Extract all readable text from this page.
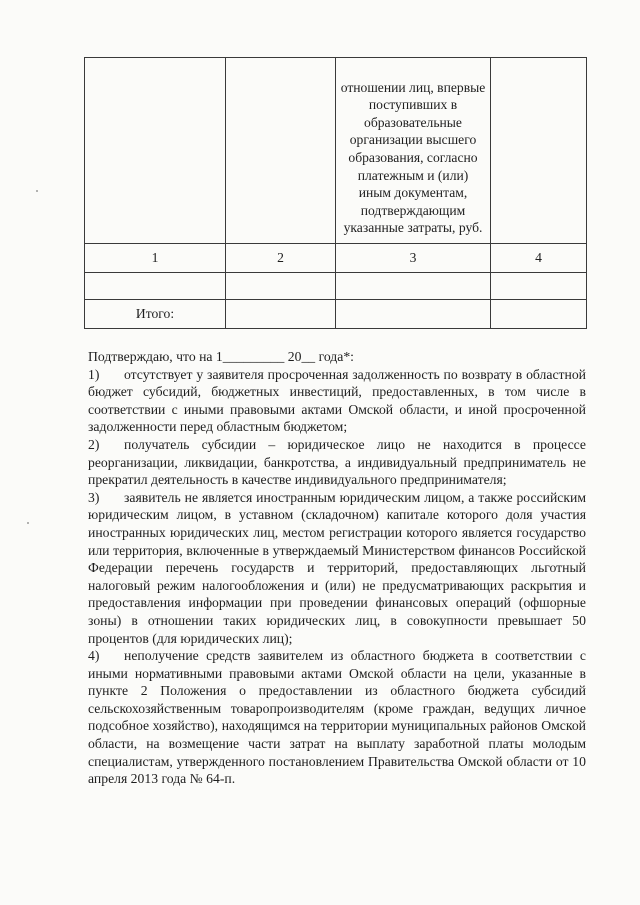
		отношении лиц, впервые поступивших в образовательные организации высшего образования, согласно платежным и (или) иным документам, подтверждающим указанные затраты, руб.	

1	2	3	4

Итого:			

Подтверждаю, что на 1_________ 20__ года*:

1) отсутствует у заявителя просроченная задолженность по возврату в областной бюджет субсидий, бюджетных инвестиций, предоставленных, в том числе в соответствии с иными правовыми актами Омской области, и иной просроченной задолженности перед областным бюджетом;

2) получатель субсидии – юридическое лицо не находится в процессе реорганизации, ликвидации, банкротства, а индивидуальный предприниматель не прекратил деятельность в качестве индивидуального предпринимателя;

3) заявитель не является иностранным юридическим лицом, а также российским юридическим лицом, в уставном (складочном) капитале которого доля участия иностранных юридических лиц, местом регистрации которого является государство или территория, включенные в утверждаемый Министерством финансов Российской Федерации перечень государств и территорий, предоставляющих льготный налоговый режим налогообложения и (или) не предусматривающих раскрытия и предоставления информации при проведении финансовых операций (офшорные зоны) в отношении таких юридических лиц, в совокупности превышает 50 процентов (для юридических лиц);

4) неполучение средств заявителем из областного бюджета в соответствии с иными нормативными правовыми актами Омской области на цели, указанные в пункте 2 Положения о предоставлении из областного бюджета субсидий сельскохозяйственным товаропроизводителям (кроме граждан, ведущих личное подсобное хозяйство), находящимся на территории муниципальных районов Омской области, на возмещение части затрат на выплату заработной платы молодым специалистам, утвержденного постановлением Правительства Омской области от 10 апреля 2013 года № 64-п.
